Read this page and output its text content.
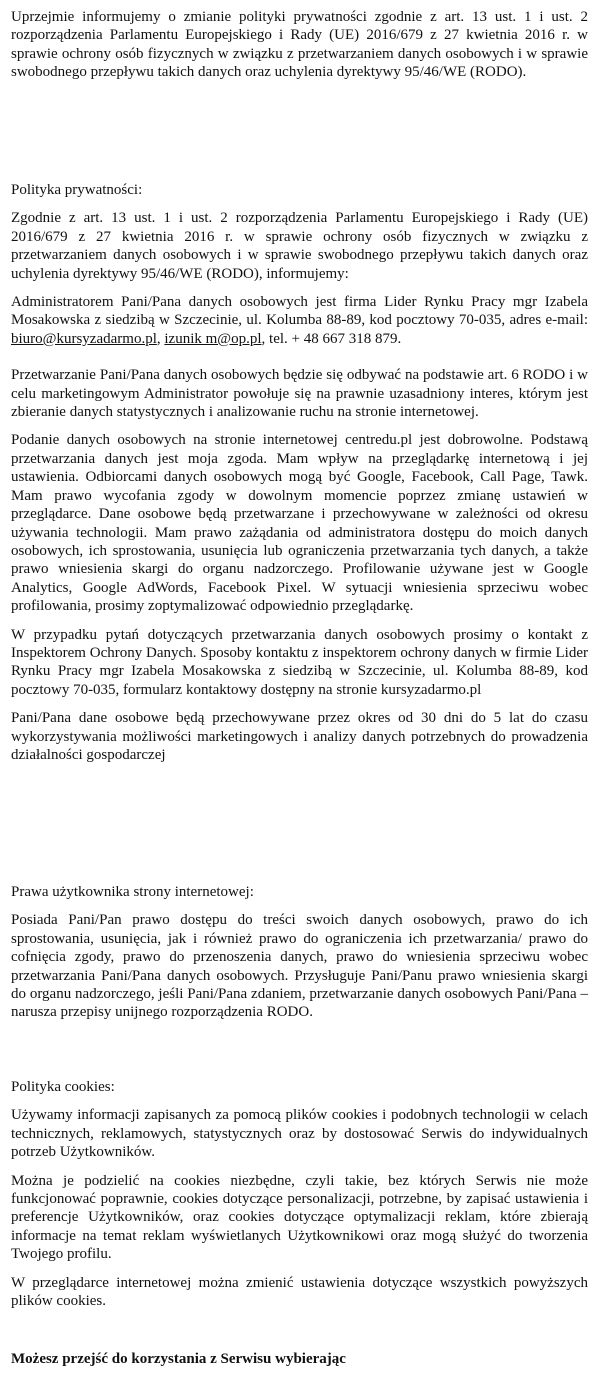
Uprzejmie informujemy o zmianie polityki prywatności zgodnie z art. 13 ust. 1 i ust. 2 rozporządzenia Parlamentu Europejskiego i Rady (UE) 2016/679 z 27 kwietnia 2016 r. w sprawie ochrony osób fizycznych w związku z przetwarzaniem danych osobowych i w sprawie swobodnego przepływu takich danych oraz uchylenia dyrektywy 95/46/WE (RODO).

Polityka prywatności:

Zgodnie z art. 13 ust. 1 i ust. 2 rozporządzenia Parlamentu Europejskiego i Rady (UE) 2016/679 z 27 kwietnia 2016 r. w sprawie ochrony osób fizycznych w związku z przetwarzaniem danych osobowych i w sprawie swobodnego przepływu takich danych oraz uchylenia dyrektywy 95/46/WE (RODO), informujemy:

Administratorem Pani/Pana danych osobowych jest firma Lider Rynku Pracy mgr Izabela Mosakowska z siedzibą w Szczecinie, ul. Kolumba 88-89, kod pocztowy 70-035, adres e-mail: biuro@kursyzadarmo.pl, izunik m@op.pl, tel. + 48 667 318 879.

Przetwarzanie Pani/Pana danych osobowych będzie się odbywać na podstawie art. 6 RODO i w celu marketingowym Administrator powołuje się na prawnie uzasadniony interes, którym jest zbieranie danych statystycznych i analizowanie ruchu na stronie internetowej.

Podanie danych osobowych na stronie internetowej centredu.pl jest dobrowolne. Podstawą przetwarzania danych jest moja zgoda. Mam wpływ na przeglądarkę internetową i jej ustawienia. Odbiorcami danych osobowych mogą być Google, Facebook, Call Page, Tawk. Mam prawo wycofania zgody w dowolnym momencie poprzez zmianę ustawień w przeglądarce. Dane osobowe będą przetwarzane i przechowywane w zależności od okresu używania technologii. Mam prawo zażądania od administratora dostępu do moich danych osobowych, ich sprostowania, usunięcia lub ograniczenia przetwarzania tych danych, a także prawo wniesienia skargi do organu nadzorczego. Profilowanie używane jest w Google Analytics, Google AdWords, Facebook Pixel. W sytuacji wniesienia sprzeciwu wobec profilowania, prosimy zoptymalizować odpowiednio przeglądarkę.

W przypadku pytań dotyczących przetwarzania danych osobowych prosimy o kontakt z Inspektorem Ochrony Danych. Sposoby kontaktu z inspektorem ochrony danych w firmie Lider Rynku Pracy mgr Izabela Mosakowska z siedzibą w Szczecinie, ul. Kolumba 88-89, kod pocztowy 70-035, formularz kontaktowy dostępny na stronie kursyzadarmo.pl

Pani/Pana dane osobowe będą przechowywane przez okres od 30 dni do 5 lat do czasu wykorzystywania możliwości marketingowych i analizy danych potrzebnych do prowadzenia działalności gospodarczej

Prawa użytkownika strony internetowej:

Posiada Pani/Pan prawo dostępu do treści swoich danych osobowych, prawo do ich sprostowania, usunięcia, jak i również prawo do ograniczenia ich przetwarzania/ prawo do cofnięcia zgody, prawo do przenoszenia danych, prawo do wniesienia sprzeciwu wobec przetwarzania Pani/Pana danych osobowych. Przysługuje Pani/Panu prawo wniesienia skargi do organu nadzorczego, jeśli Pani/Pana zdaniem, przetwarzanie danych osobowych Pani/Pana – narusza przepisy unijnego rozporządzenia RODO.

Polityka cookies:

Używamy informacji zapisanych za pomocą plików cookies i podobnych technologii w celach technicznych, reklamowych, statystycznych oraz by dostosować Serwis do indywidualnych potrzeb Użytkowników.

Można je podzielić na cookies niezbędne, czyli takie, bez których Serwis nie może funkcjonować poprawnie, cookies dotyczące personalizacji, potrzebne, by zapisać ustawienia i preferencje Użytkowników, oraz cookies dotyczące optymalizacji reklam, które zbierają informacje na temat reklam wyświetlanych Użytkownikowi oraz mogą służyć do tworzenia Twojego profilu.

W przeglądarce internetowej można zmienić ustawienia dotyczące wszystkich powyższych plików cookies.

Możesz przejść do korzystania z Serwisu wybierając
